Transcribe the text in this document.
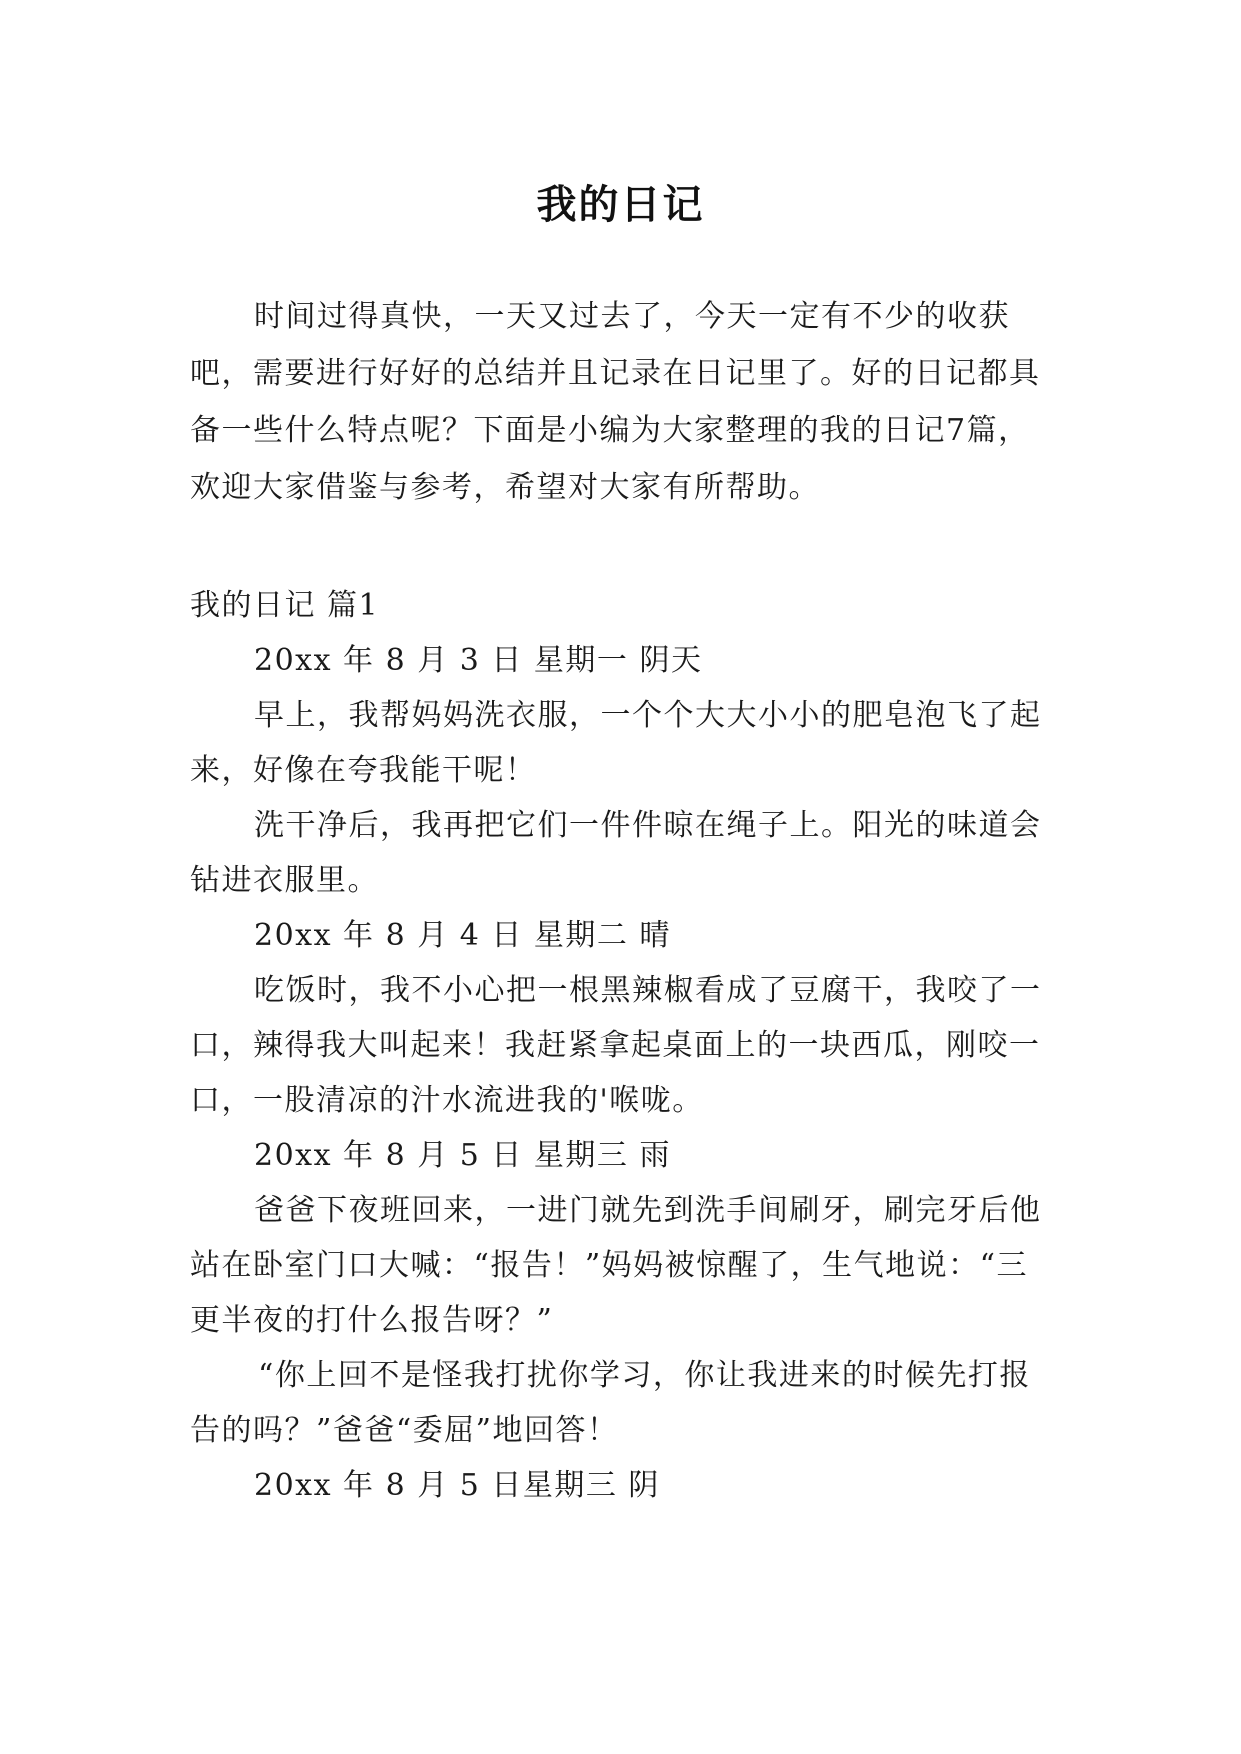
我的日记

时间过得真快，一天又过去了，今天一定有不少的收获吧，需要进行好好的总结并且记录在日记里了。好的日记都具备一些什么特点呢？下面是小编为大家整理的我的日记7篇，欢迎大家借鉴与参考，希望对大家有所帮助。

我的日记 篇1

20xx 年 8 月 3 日 星期一 阴天

早上，我帮妈妈洗衣服，一个个大大小小的肥皂泡飞了起来，好像在夸我能干呢！

洗干净后，我再把它们一件件晾在绳子上。阳光的味道会钻进衣服里。

20xx 年 8 月 4 日 星期二 晴

吃饭时，我不小心把一根黑辣椒看成了豆腐干，我咬了一口，辣得我大叫起来！我赶紧拿起桌面上的一块西瓜，刚咬一口，一股清凉的汁水流进我的'喉咙。

20xx 年 8 月 5 日 星期三 雨

爸爸下夜班回来，一进门就先到洗手间刷牙，刷完牙后他站在卧室门口大喊：“报告！”妈妈被惊醒了，生气地说：“三更半夜的打什么报告呀？”

“你上回不是怪我打扰你学习，你让我进来的时候先打报告的吗？”爸爸“委屈”地回答！

20xx 年 8 月 5 日星期三 阴
